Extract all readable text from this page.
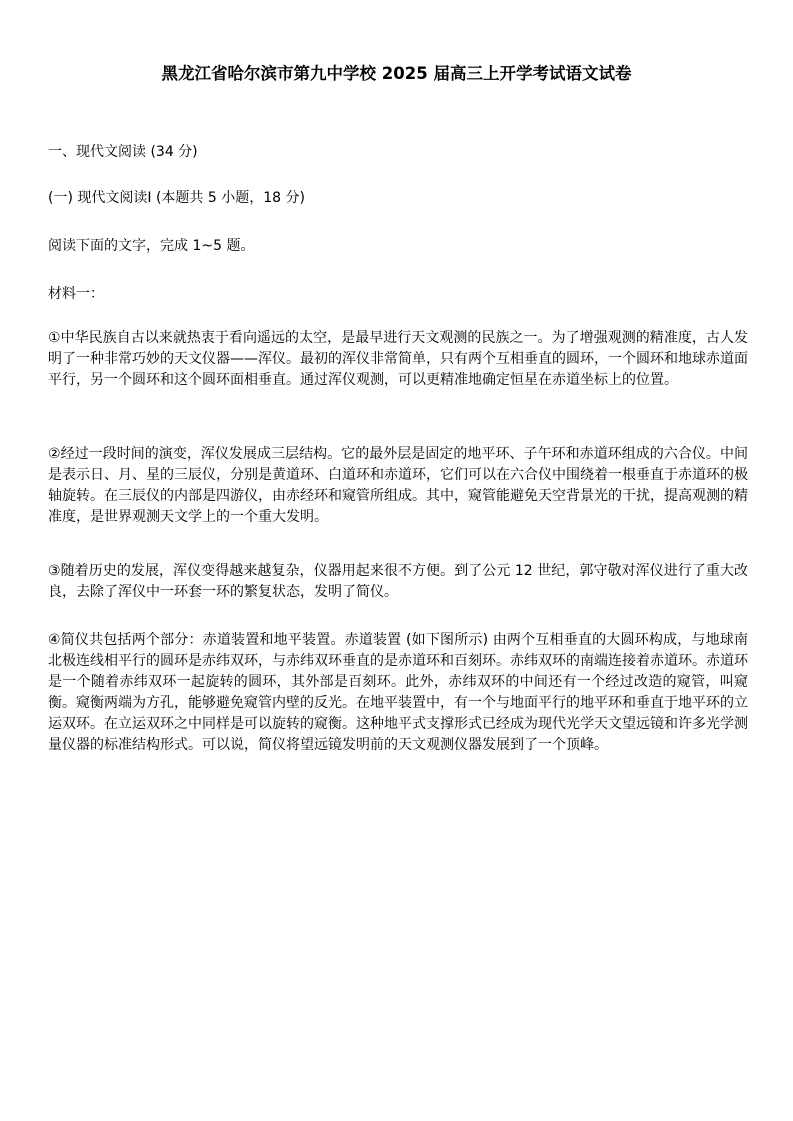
黑龙江省哈尔滨市第九中学校 2025 届高三上开学考试语文试卷
一、现代文阅读 (34 分)
(一) 现代文阅读Ⅰ (本题共 5 小题，18 分)
阅读下面的文字，完成 1~5 题。
材料一：
①中华民族自古以来就热衷于看向遥远的太空，是最早进行天文观测的民族之一。为了增强观测的精准度，古人发明了一种非常巧妙的天文仪器——浑仪。最初的浑仪非常简单，只有两个互相垂直的圆环，一个圆环和地球赤道面平行，另一个圆环和这个圆环面相垂直。通过浑仪观测，可以更精准地确定恒星在赤道坐标上的位置。
②经过一段时间的演变，浑仪发展成三层结构。它的最外层是固定的地平环、子午环和赤道环组成的六合仪。中间是表示日、月、星的三辰仪，分别是黄道环、白道环和赤道环，它们可以在六合仪中围绕着一根垂直于赤道环的极轴旋转。在三辰仪的内部是四游仪，由赤经环和窥管所组成。其中，窥管能避免天空背景光的干扰，提高观测的精准度，是世界观测天文学上的一个重大发明。
③随着历史的发展，浑仪变得越来越复杂，仪器用起来很不方便。到了公元 12 世纪，郭守敬对浑仪进行了重大改良，去除了浑仪中一环套一环的繁复状态，发明了简仪。
④简仪共包括两个部分：赤道装置和地平装置。赤道装置 (如下图所示) 由两个互相垂直的大圆环构成，与地球南北极连线相平行的圆环是赤纬双环，与赤纬双环垂直的是赤道环和百刻环。赤纬双环的南端连接着赤道环。赤道环是一个随着赤纬双环一起旋转的圆环，其外部是百刻环。此外，赤纬双环的中间还有一个经过改造的窥管，叫窥衡。窥衡两端为方孔，能够避免窥管内壁的反光。在地平装置中，有一个与地面平行的地平环和垂直于地平环的立运双环。在立运双环之中同样是可以旋转的窥衡。这种地平式支撑形式已经成为现代光学天文望远镜和许多光学测量仪器的标准结构形式。可以说，简仪将望远镜发明前的天文观测仪器发展到了一个顶峰。
